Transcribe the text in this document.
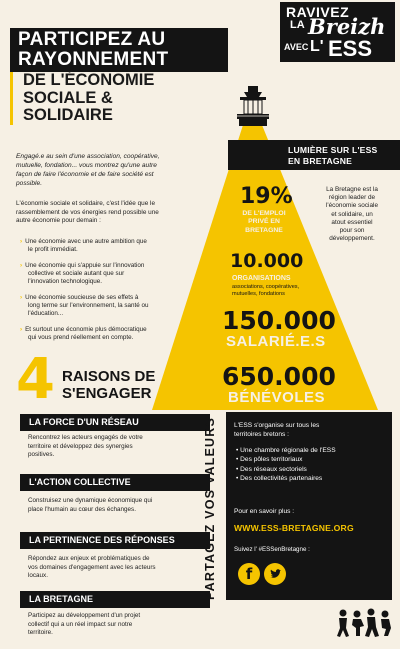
PARTICIPEZ AU
RAYONNEMENT
DE L'ÉCONOMIE
SOCIALE &
SOLIDAIRE
RAVIVEZ
LA Breizh
AVEC L' ESS
Engagé.e au sein d'une association, coopérative,
mutuelle, fondation... vous montrez qu'une autre
façon de faire l'économie et de faire société est
possible.
L'économie sociale et solidaire, c'est l'idée que le
rassemblement de vos énergies rend possible une
autre économie pour demain :
› Une économie avec une autre ambition que
le profit immédiat.
› Une économie qui s'appuie sur l'innovation
collective et sociale autant que sur
l'innovation technologique.
› Une économie soucieuse de ses effets à
long terme sur l'environnement, la santé ou
l'éducation...
› Et surtout une économie plus démocratique
qui vous prend réellement en compte.
4 RAISONS DE
S'ENGAGER
LA FORCE D'UN RÉSEAU
Rencontrez les acteurs engagés de votre
territoire et développez des synergies
positives.
L'ACTION COLLECTIVE
Construisez une dynamique économique qui
place l'humain au cœur des échanges.
LA PERTINENCE DES RÉPONSES
Répondez aux enjeux et problématiques de
vos domaines d'engagement avec les acteurs
locaux.
LA BRETAGNE
Participez au développement d'un projet
collectif qui a un réel impact sur notre
territoire.
LUMIÈRE SUR L'ESS
EN BRETAGNE
19%
DE L'EMPLOI
PRIVÉ EN
BRETAGNE
La Bretagne est la
région leader de
l'économie sociale
et solidaire, un
atout essentiel
pour son
développement.
10.000
ORGANISATIONS
associations, coopératives,
mutuelles, fondations
150.000
SALARIÉ.E.S
650.000
BÉNÉVOLES
PARTAGEZ VOS VALEURS	L'ESS s'organise sur tous les
territoires bretons :
• Une chambre régionale de l'ESS
• Des pôles territoriaux
• Des réseaux sectoriels
• Des collectivités partenaires
Pour en savoir plus :
WWW.ESS-BRETAGNE.ORG
Suivez l' #ESSenBretagne :
f
